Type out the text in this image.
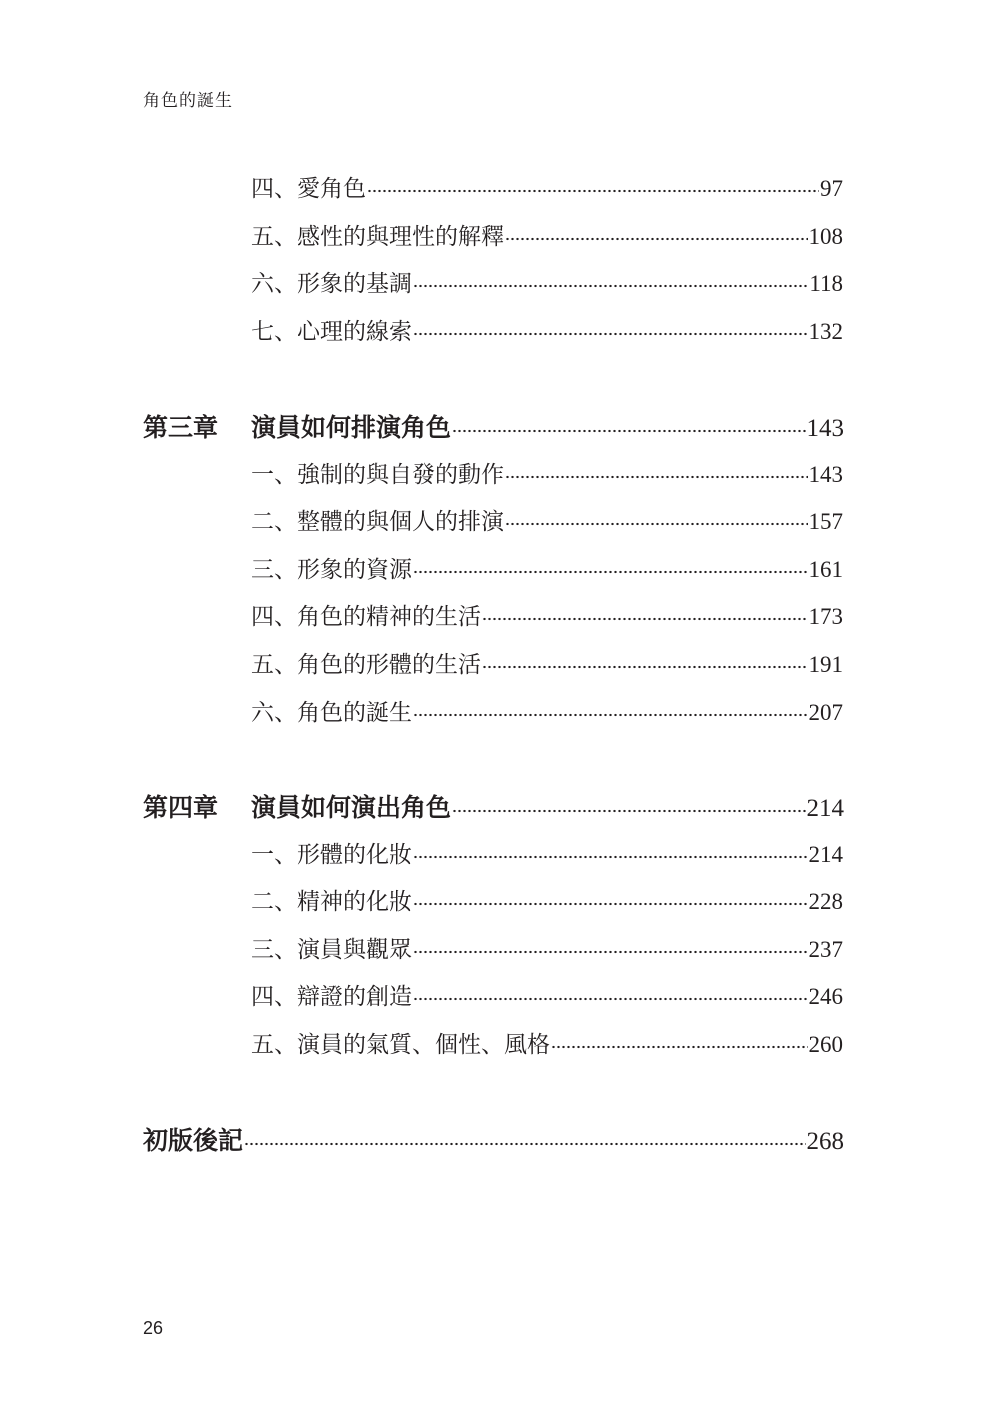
角色的誕生
四、愛角色	97
五、感性的與理性的解釋	108
六、形象的基調	118
七、心理的線索	132
第三章	演員如何排演角色	143
一、強制的與自發的動作	143
二、整體的與個人的排演	157
三、形象的資源	161
四、角色的精神的生活	173
五、角色的形體的生活	191
六、角色的誕生	207
第四章	演員如何演出角色	214
一、形體的化妝	214
二、精神的化妝	228
三、演員與觀眾	237
四、辯證的創造	246
五、演員的氣質、個性、風格	260
初版後記	268
26
